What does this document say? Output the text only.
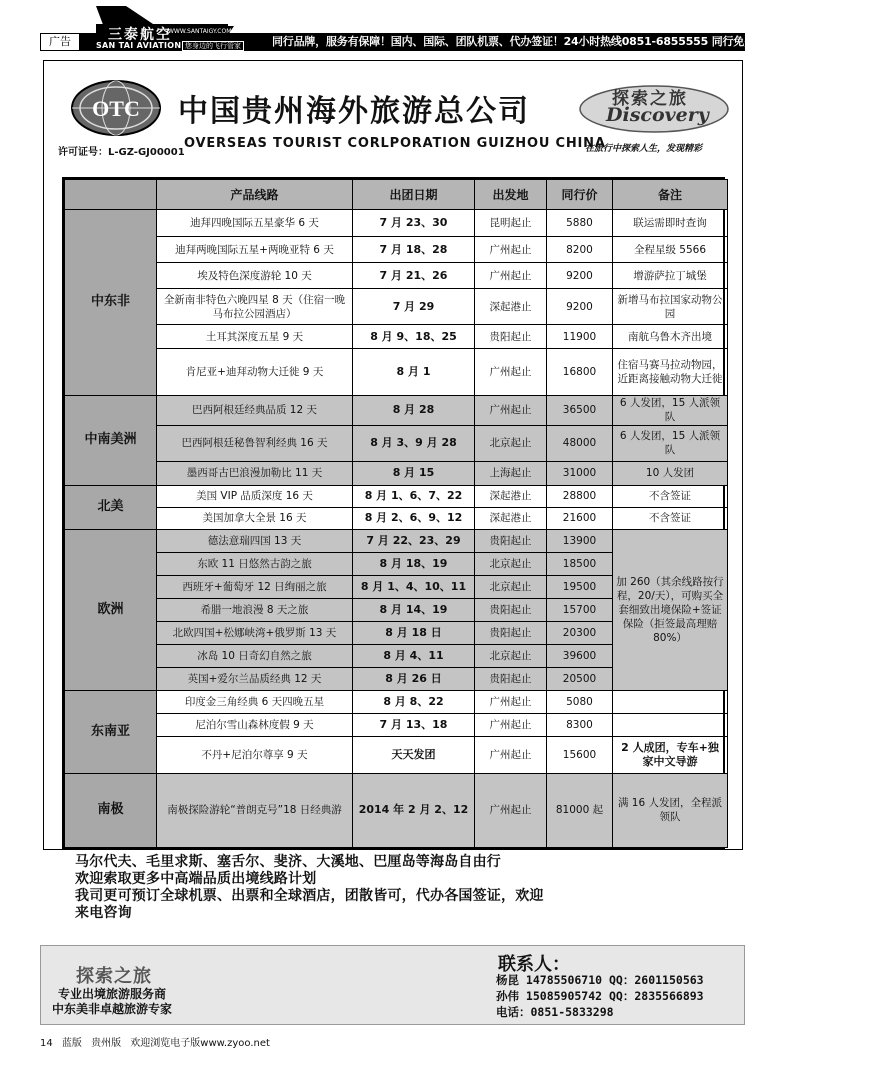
广告	同行品牌，服务有保障！国内、国际、团队机票、代办签证！24小时热线0851-6855555 同行免费加盟0851-6800323-3
三泰航空
WWW.SANTAIGY.COM
SAN TAI AVIATION 您身边的飞行管家
OTC 中国贵州海外旅游总公司
OVERSEAS TOURIST CORLPORATION GUIZHOU CHINA
许可证号：L-GZ-GJ00001
探索之旅
Discovery
在旅行中探索人生，发现精彩
	产品线路	出团日期	出发地	同行价	备注
中东非	迪拜四晚国际五星豪华 6 天	7 月 23、30	昆明起止	5880	联运需即时查询
	迪拜两晚国际五星+两晚亚特 6 天	7 月 18、28	广州起止	8200	全程星级 5566
	埃及特色深度游轮 10 天	7 月 21、26	广州起止	9200	增游萨拉丁城堡
	全新南非特色六晚四星 8 天（住宿一晚马布拉公园酒店）	7 月 29	深起港止	9200	新增马布拉国家动物公园
	土耳其深度五星 9 天	8 月 9、18、25	贵阳起止	11900	南航乌鲁木齐出境
	肯尼亚+迪拜动物大迁徙 9 天	8 月 1	广州起止	16800	住宿马赛马拉动物园，近距离接触动物大迁徙
中南美洲	巴西阿根廷经典品质 12 天	8 月 28	广州起止	36500	6 人发团，15 人派领队
	巴西阿根廷秘鲁智利经典 16 天	8 月 3、9 月 28	北京起止	48000	6 人发团，15 人派领队
	墨西哥古巴浪漫加勒比 11 天	8 月 15	上海起止	31000	10 人发团
北美	美国 VIP 品质深度 16 天	8 月 1、6、7、22	深起港止	28800	不含签证
	美国加拿大全景 16 天	8 月 2、6、9、12	深起港止	21600	不含签证
欧洲	德法意瑞四国 13 天	7 月 22、23、29	贵阳起止	13900	加 260（其余线路按行程，20/天），可购买全套细致出境保险+签证保险（拒签最高理赔 80%）
	东欧 11 日悠然古韵之旅	8 月 18、19	北京起止	18500	
	西班牙+葡萄牙 12 日绚丽之旅	8 月 1、4、10、11	北京起止	19500	
	希腊一地浪漫 8 天之旅	8 月 14、19	贵阳起止	15700	
	北欧四国+松娜峡湾+俄罗斯 13 天	8 月 18 日	贵阳起止	20300	
	冰岛 10 日奇幻自然之旅	8 月 4、11	北京起止	39600	
	英国+爱尔兰品质经典 12 天	8 月 26 日	贵阳起止	20500	
东南亚	印度金三角经典 6 天四晚五星	8 月 8、22	广州起止	5080	
	尼泊尔雪山森林度假 9 天	7 月 13、18	广州起止	8300	
	不丹+尼泊尔尊享 9 天	天天发团	广州起止	15600	2 人成团，专车+独家中文导游
南极	南极探险游轮“普朗克号”18 日经典游	2014 年 2 月 2、12	广州起止	81000 起	满 16 人发团，全程派领队
马尔代夫、毛里求斯、塞舌尔、斐济、大溪地、巴厘岛等海岛自由行
欢迎索取更多中高端品质出境线路计划
我司更可预订全球机票、出票和全球酒店，团散皆可，代办各国签证，欢迎
来电咨询
探索之旅
专业出境旅游服务商
中东美非卓越旅游专家
联系人：
杨昆 14785506710 QQ：2601150563
孙伟 15085905742 QQ：2835566893
电话：0851-5833298
14 蓝版 贵州版 欢迎浏览电子版www.zyoo.net
